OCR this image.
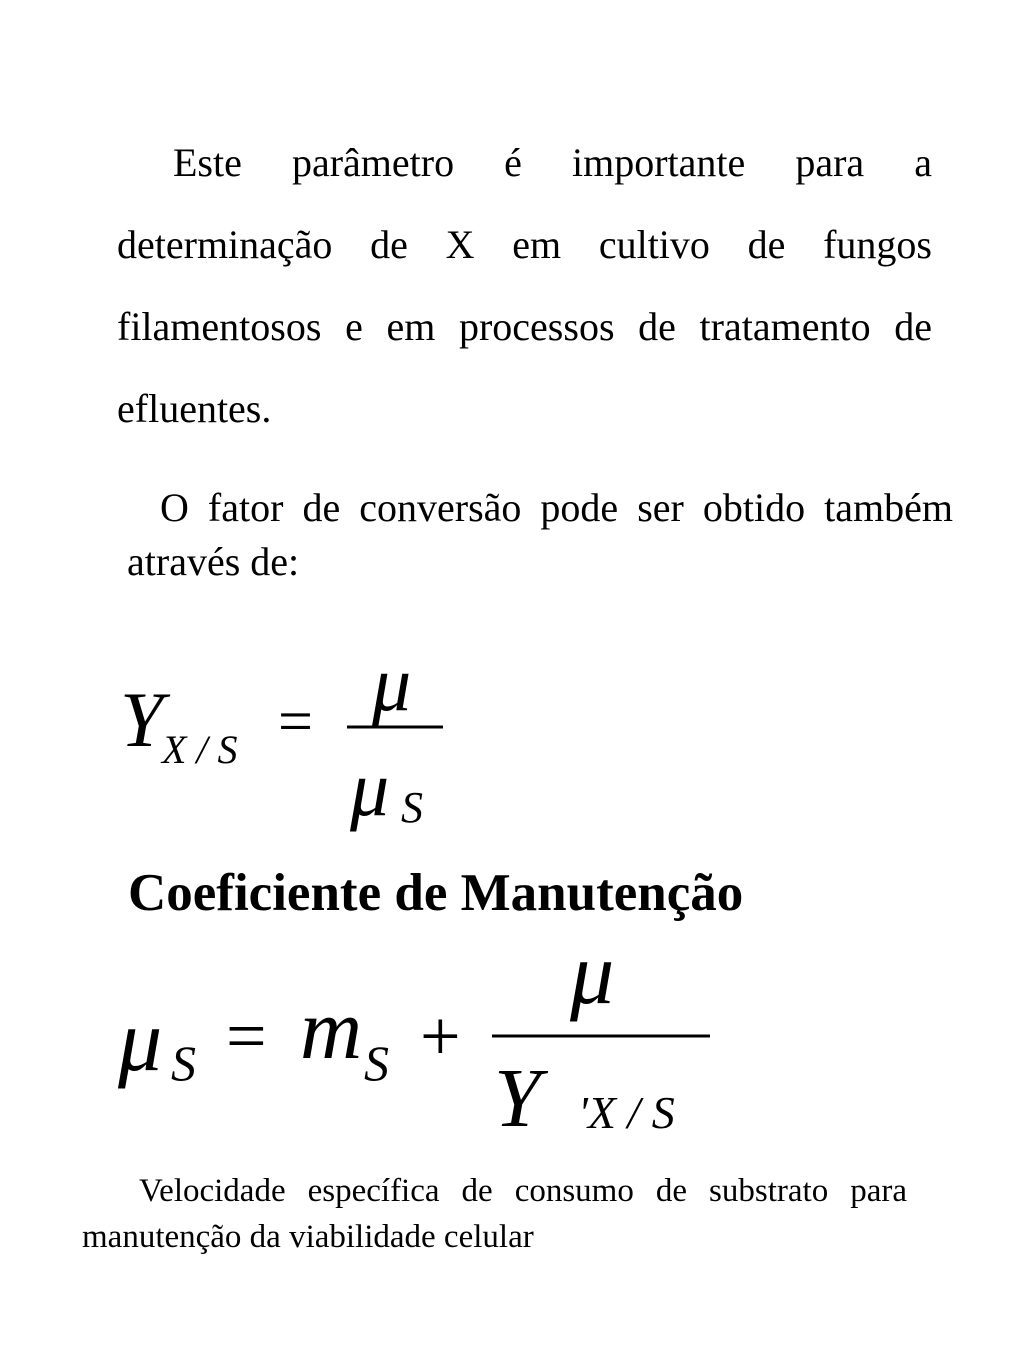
Este parâmetro é importante para a determinação de X em cultivo de fungos filamentosos e em processos de tratamento de efluentes.

O fator de conversão pode ser obtido também através de:

Y
X / S = μ
μ S
μ S = m S +
μ
Y 'X / S
Coeficiente de Manutenção

Velocidade específica de consumo de substrato para manutenção da viabilidade celular
